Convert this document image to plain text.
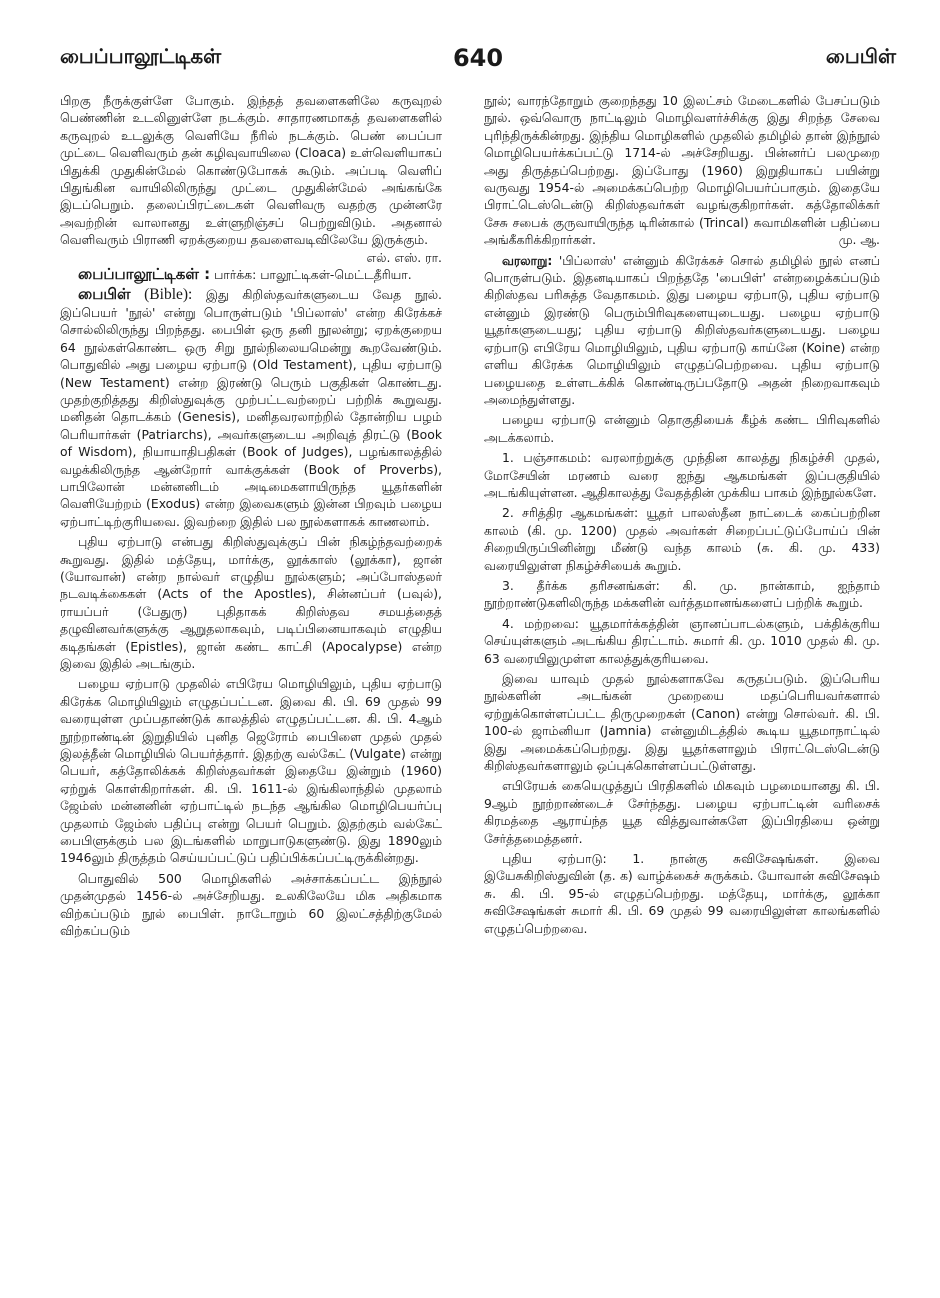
பைப்பாலூட்டிகள்	640	பைபிள்

பிறகு நீருக்குள்ளே போகும். இந்தத் தவளைகளிலே கருவுறல் பெண்ணின் உடலினுள்ளே நடக்கும். சாதாரணமாகத் தவளைகளில் கருவுறல் உடலுக்கு வெளியே நீரில் நடக்கும். பெண் பைப்பா முட்டை வெளிவரும் தன் கழிவுவாயிலை (Cloaca) உள்வெளியாகப் பிதுக்கி முதுகின்மேல் கொண்டுபோகக் கூடும். அப்படி வெளிப் பிதுங்கின வாயிலிலிருந்து முட்டை முதுகின்மேல் அங்கங்கே இடப்பெறும். தலைப்பிரட்டைகள் வெளிவரு வதற்கு முன்னரே அவற்றின் வாலானது உள்ளுறிஞ்சப் பெற்றுவிடும். அதனால் வெளிவரும் பிராணி ஏறக்குறைய தவளைவடிவிலேயே இருக்கும்.
எல். எஸ். ரா.

பைப்பாலூட்டிகள் : பார்க்க: பாலூட்டிகள்-மெட்டதீரியா.

பைபிள் (Bible): இது கிறிஸ்தவர்களுடைய வேத நூல். இப்பெயர் 'நூல்' என்று பொருள்படும் 'பிப்லாஸ்' என்ற கிரேக்கச் சொல்லிலிருந்து பிறந்தது. பைபிள் ஒரு தனி நூலன்று; ஏறக்குறைய 64 நூல்கள்கொண்ட ஒரு சிறு நூல்நிலையமென்று கூறவேண்டும். பொதுவில் அது பழைய ஏற்பாடு (Old Testament), புதிய ஏற்பாடு (New Testament) என்ற இரண்டு பெரும் பகுதிகள் கொண்டது. முதற்குறித்தது கிறிஸ்துவுக்கு முற்பட்டவற்றைப் பற்றிக் கூறுவது. மனிதன் தொடக்கம் (Genesis), மனிதவரலாற்றில் தோன்றிய பழம் பெரியார்கள் (Patriarchs), அவர்களுடைய அறிவுத் திரட்டு (Book of Wisdom), நியாயாதிபதிகள் (Book of Judges), பழங்காலத்தில் வழக்கிலிருந்த ஆன்றோர் வாக்குக்கள் (Book of Proverbs), பாபிலோன் மன்னனிடம் அடிமைகளாயிருந்த யூதர்களின் வெளியேற்றம் (Exodus) என்ற இவைகளும் இன்ன பிறவும் பழைய ஏற்பாட்டிற்குரியவை. இவற்றை இதில் பல நூல்களாகக் காணலாம்.

புதிய ஏற்பாடு என்பது கிறிஸ்துவுக்குப் பின் நிகழ்ந்தவற்றைக் கூறுவது. இதில் மத்தேயு, மார்க்கு, லூக்காஸ் (லூக்கா), ஜான் (யோவான்) என்ற நால்வர் எழுதிய நூல்களும்; அப்போஸ்தலர் நடவடிக்கைகள் (Acts of the Apostles), சின்னப்பர் (பவுல்), ராயப்பர் (பேதுரு) புதிதாகக் கிறிஸ்தவ சமயத்தைத் தழுவினவர்களுக்கு ஆறுதலாகவும், படிப்பினையாகவும் எழுதிய கடிதங்கள் (Epistles), ஜான் கண்ட காட்சி (Apocalypse) என்ற இவை இதில் அடங்கும்.

பழைய ஏற்பாடு முதலில் எபிரேய மொழியிலும், புதிய ஏற்பாடு கிரேக்க மொழியிலும் எழுதப்பட்டன. இவை கி. பி. 69 முதல் 99 வரையுள்ள முப்பதாண்டுக் காலத்தில் எழுதப்பட்டன. கி. பி. 4ஆம் நூற்றாண்டின் இறுதியில் புனித ஜெரோம் பைபிளை முதல் முதல் இலத்தீன் மொழியில் பெயர்த்தார். இதற்கு வல்கேட் (Vulgate) என்று பெயர், கத்தோலிக்கக் கிறிஸ்தவர்கள் இதையே இன்றும் (1960) ஏற்றுக் கொள்கிறார்கள். கி. பி. 1611-ல் இங்கிலாந்தில் முதலாம் ஜேம்ஸ் மன்னனின் ஏற்பாட்டில் நடந்த ஆங்கில மொழிபெயர்ப்பு முதலாம் ஜேம்ஸ் பதிப்பு என்று பெயர் பெறும். இதற்கும் வல்கேட் பைபிளுக்கும் பல இடங்களில் மாறுபாடுகளுண்டு. இது 1890லும் 1946லும் திருத்தம் செய்யப்பட்டுப் பதிப்பிக்கப்பட்டிருக்கின்றது.

பொதுவில் 500 மொழிகளில் அச்சாக்கப்பட்ட இந்நூல் முதன்முதல் 1456-ல் அச்சேறியது. உலகிலேயே மிக அதிகமாக விற்கப்படும் நூல் பைபிள். நாடோறும் 60 இலட்சத்திற்குமேல் விற்கப்படும்

நூல்; வாரந்தோறும் குறைந்தது 10 இலட்சம் மேடைகளில் பேசப்படும் நூல். ஒவ்வொரு நாட்டிலும் மொழிவளர்ச்சிக்கு இது சிறந்த சேவை புரிந்திருக்கின்றது. இந்திய மொழிகளில் முதலில் தமிழில் தான் இந்நூல் மொழிபெயர்க்கப்பட்டு 1714-ல் அச்சேறியது. பின்னர்ப் பலமுறை அது திருத்தப்பெற்றது. இப்போது (1960) இறுதியாகப் பயின்று வருவது 1954-ல் அமைக்கப்பெற்ற மொழிபெயர்ப்பாகும். இதையே பிராட்டெஸ்டென்டு கிறிஸ்தவர்கள் வழங்குகிறார்கள். கத்தோலிக்கர் சேசு சபைக் குருவாயிருந்த டிரின்கால் (Trincal) சுவாமிகளின் பதிப்பை அங்கீகரிக்கிறார்கள்.	மு. ஆ.

வரலாறு: 'பிப்லாஸ்' என்னும் கிரேக்கச் சொல் தமிழில் நூல் எனப் பொருள்படும். இதனடியாகப் பிறந்ததே 'பைபிள்' என்றழைக்கப்படும் கிறிஸ்தவ பரிசுத்த வேதாகமம். இது பழைய ஏற்பாடு, புதிய ஏற்பாடு என்னும் இரண்டு பெரும்பிரிவுகளையுடையது. பழைய ஏற்பாடு யூதர்களுடையது; புதிய ஏற்பாடு கிறிஸ்தவர்களுடையது. பழைய ஏற்பாடு எபிரேய மொழியிலும், புதிய ஏற்பாடு காய்னே (Koine) என்ற எளிய கிரேக்க மொழியிலும் எழுதப்பெற்றவை. புதிய ஏற்பாடு பழையதை உள்ளடக்கிக் கொண்டிருப்பதோடு அதன் நிறைவாகவும் அமைந்துள்ளது.

பழைய ஏற்பாடு என்னும் தொகுதியைக் கீழ்க் கண்ட பிரிவுகளில் அடக்கலாம்.

1. பஞ்சாகமம்: வரலாற்றுக்கு முந்தின காலத்து நிகழ்ச்சி முதல், மோசேயின் மரணம் வரை ஐந்து ஆகமங்கள் இப்பகுதியில் அடங்கியுள்ளன. ஆதிகாலத்து வேதத்தின் முக்கிய பாகம் இந்நூல்களே.

2. சரித்திர ஆகமங்கள்: யூதர் பாலஸ்தீன நாட்டைக் கைப்பற்றின காலம் (கி. மு. 1200) முதல் அவர்கள் சிறைப்பட்டுப்போய்ப் பின் சிறையிருப்பினின்று மீண்டு வந்த காலம் (சு. கி. மு. 433) வரையிலுள்ள நிகழ்ச்சியைக் கூறும்.

3. தீர்க்க தரிசனங்கள்: கி. மு. நான்காம், ஐந்தாம் நூற்றாண்டுகளிலிருந்த மக்களின் வர்த்தமானங்களைப் பற்றிக் கூறும்.

4. மற்றவை: யூதமார்க்கத்தின் ஞானப்பாடல்களும், பக்திக்குரிய செய்யுள்களும் அடங்கிய திரட்டாம். சுமார் கி. மு. 1010 முதல் கி. மு. 63 வரையிலுமுள்ள காலத்துக்குரியவை.

இவை யாவும் முதல் நூல்களாகவே கருதப்படும். இப்பெரிய நூல்களின் அடங்கன் முறையை மதப்பெரியவர்களால் ஏற்றுக்கொள்ளப்பட்ட திருமுறைகள் (Canon) என்று சொல்வர். கி. பி. 100-ல் ஜாம்னியா (Jamnia) என்னுமிடத்தில் கூடிய யூதமாநாட்டில் இது அமைக்கப்பெற்றது. இது யூதர்களாலும் பிராட்டெஸ்டென்டு கிறிஸ்தவர்களாலும் ஒப்புக்கொள்ளப்பட்டுள்ளது.

எபிரேயக் கையெழுத்துப் பிரதிகளில் மிகவும் பழமையானது கி. பி. 9ஆம் நூற்றாண்டைச் சேர்ந்தது. பழைய ஏற்பாட்டின் வரிசைக் கிரமத்தை ஆராய்ந்த யூத வித்துவான்களே இப்பிரதியை ஒன்று சேர்த்தமைத்தனர்.

புதிய ஏற்பாடு: 1. நான்கு சுவிசேஷங்கள். இவை இயேசுகிறிஸ்துவின் (த. க) வாழ்க்கைச் சுருக்கம். யோவான் சுவிசேஷம் சு. கி. பி. 95-ல் எழுதப்பெற்றது. மத்தேயு, மார்க்கு, லூக்கா சுவிசேஷங்கள் சுமார் கி. பி. 69 முதல் 99 வரையிலுள்ள காலங்களில் எழுதப்பெற்றவை.
